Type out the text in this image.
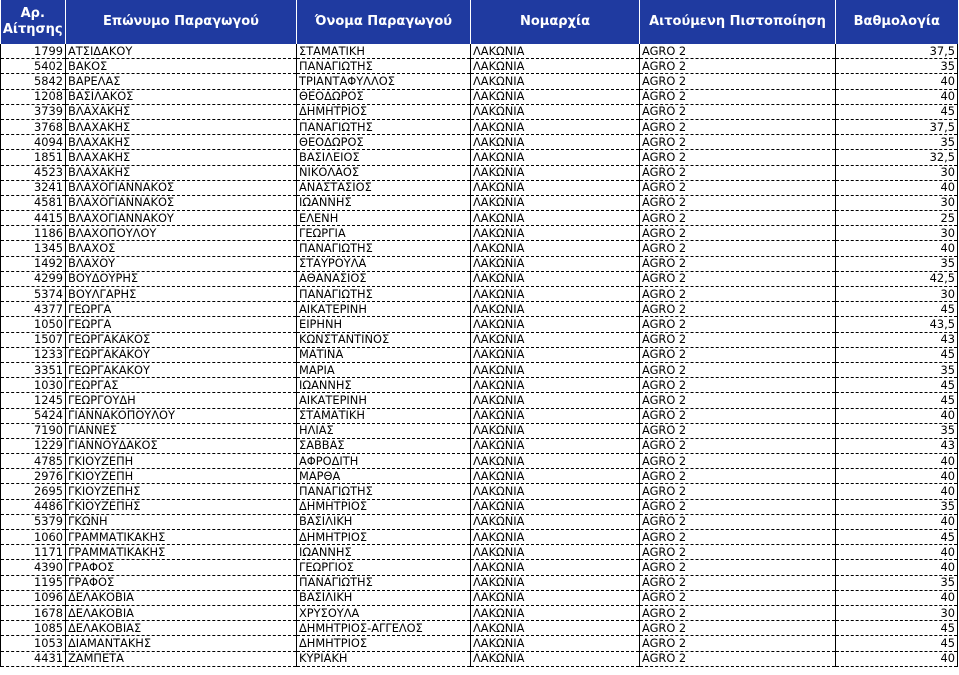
Αρ. Αίτησης	Επώνυμο Παραγωγού	Όνομα Παραγωγού	Νομαρχία	Αιτούμενη Πιστοποίηση	Βαθμολογία
1799	ΑΤΣΙΔΑΚΟΥ	ΣΤΑΜΑΤΙΚΗ	ΛΑΚΩΝΙΑ	AGRO 2	37,5
5402	ΒΑΚΟΣ	ΠΑΝΑΓΙΩΤΗΣ	ΛΑΚΩΝΙΑ	AGRO 2	35
5842	ΒΑΡΕΛΑΣ	ΤΡΙΑΝΤΑΦΥΛΛΟΣ	ΛΑΚΩΝΙΑ	AGRO 2	40
1208	ΒΑΣΙΛΑΚΟΣ	ΘΕΟΔΩΡΟΣ	ΛΑΚΩΝΙΑ	AGRO 2	40
3739	ΒΛΑΧΑΚΗΣ	ΔΗΜΗΤΡΙΟΣ	ΛΑΚΩΝΙΑ	AGRO 2	45
3768	ΒΛΑΧΑΚΗΣ	ΠΑΝΑΓΙΩΤΗΣ	ΛΑΚΩΝΙΑ	AGRO 2	37,5
4094	ΒΛΑΧΑΚΗΣ	ΘΕΟΔΩΡΟΣ	ΛΑΚΩΝΙΑ	AGRO 2	35
1851	ΒΛΑΧΑΚΗΣ	ΒΑΣΙΛΕΙΟΣ	ΛΑΚΩΝΙΑ	AGRO 2	32,5
4523	ΒΛΑΧΑΚΗΣ	ΝΙΚΟΛΑΟΣ	ΛΑΚΩΝΙΑ	AGRO 2	30
3241	ΒΛΑΧΟΓΙΑΝΝΑΚΟΣ	ΑΝΑΣΤΑΣΙΟΣ	ΛΑΚΩΝΙΑ	AGRO 2	40
4581	ΒΛΑΧΟΓΙΑΝΝΑΚΟΣ	ΙΩΑΝΝΗΣ	ΛΑΚΩΝΙΑ	AGRO 2	30
4415	ΒΛΑΧΟΓΙΑΝΝΑΚΟΥ	ΕΛΕΝΗ	ΛΑΚΩΝΙΑ	AGRO 2	25
1186	ΒΛΑΧΟΠΟΥΛΟΥ	ΓΕΩΡΓΙΑ	ΛΑΚΩΝΙΑ	AGRO 2	30
1345	ΒΛΑΧΟΣ	ΠΑΝΑΓΙΩΤΗΣ	ΛΑΚΩΝΙΑ	AGRO 2	40
1492	ΒΛΑΧΟΥ	ΣΤΑΥΡΟΥΛΑ	ΛΑΚΩΝΙΑ	AGRO 2	35
4299	ΒΟΥΔΟΥΡΗΣ	ΑΘΑΝΑΣΙΟΣ	ΛΑΚΩΝΙΑ	AGRO 2	42,5
5374	ΒΟΥΛΓΑΡΗΣ	ΠΑΝΑΓΙΩΤΗΣ	ΛΑΚΩΝΙΑ	AGRO 2	30
4377	ΓΕΩΡΓΑ	ΑΙΚΑΤΕΡΙΝΗ	ΛΑΚΩΝΙΑ	AGRO 2	45
1050	ΓΕΩΡΓΑ	ΕΙΡΗΝΗ	ΛΑΚΩΝΙΑ	AGRO 2	43,5
1507	ΓΕΩΡΓΑΚΑΚΟΣ	ΚΩΝΣΤΑΝΤΙΝΟΣ	ΛΑΚΩΝΙΑ	AGRO 2	43
1233	ΓΕΩΡΓΑΚΑΚΟΥ	ΜΑΤΙΝΑ	ΛΑΚΩΝΙΑ	AGRO 2	45
3351	ΓΕΩΡΓΑΚΑΚΟΥ	ΜΑΡΙΑ	ΛΑΚΩΝΙΑ	AGRO 2	35
1030	ΓΕΩΡΓΑΣ	ΙΩΑΝΝΗΣ	ΛΑΚΩΝΙΑ	AGRO 2	45
1245	ΓΕΩΡΓΟΥΔΗ	ΑΙΚΑΤΕΡΙΝΗ	ΛΑΚΩΝΙΑ	AGRO 2	45
5424	ΓΙΑΝΝΑΚΟΠΟΥΛΟΥ	ΣΤΑΜΑΤΙΚΗ	ΛΑΚΩΝΙΑ	AGRO 2	40
7190	ΓΙΑΝΝΕΣ	ΗΛΙΑΣ	ΛΑΚΩΝΙΑ	AGRO 2	35
1229	ΓΙΑΝΝΟΥΔΑΚΟΣ	ΣΑΒΒΑΣ	ΛΑΚΩΝΙΑ	AGRO 2	43
4785	ΓΚΙΟΥΖΕΠΗ	ΑΦΡΟΔΙΤΗ	ΛΑΚΩΝΙΑ	AGRO 2	40
2976	ΓΚΙΟΥΖΕΠΗ	ΜΑΡΘΑ	ΛΑΚΩΝΙΑ	AGRO 2	40
2695	ΓΚΙΟΥΖΕΠΗΣ	ΠΑΝΑΓΙΩΤΗΣ	ΛΑΚΩΝΙΑ	AGRO 2	40
4486	ΓΚΙΟΥΖΕΠΗΣ	ΔΗΜΗΤΡΙΟΣ	ΛΑΚΩΝΙΑ	AGRO 2	35
5379	ΓΚΩΝΗ	ΒΑΣΙΛΙΚΗ	ΛΑΚΩΝΙΑ	AGRO 2	40
1060	ΓΡΑΜΜΑΤΙΚΑΚΗΣ	ΔΗΜΗΤΡΙΟΣ	ΛΑΚΩΝΙΑ	AGRO 2	45
1171	ΓΡΑΜΜΑΤΙΚΑΚΗΣ	ΙΩΑΝΝΗΣ	ΛΑΚΩΝΙΑ	AGRO 2	40
4390	ΓΡΑΦΟΣ	ΓΕΩΡΓΙΟΣ	ΛΑΚΩΝΙΑ	AGRO 2	40
1195	ΓΡΑΦΟΣ	ΠΑΝΑΓΙΩΤΗΣ	ΛΑΚΩΝΙΑ	AGRO 2	35
1096	ΔΕΛΑΚΟΒΙΑ	ΒΑΣΙΛΙΚΗ	ΛΑΚΩΝΙΑ	AGRO 2	40
1678	ΔΕΛΑΚΟΒΙΑ	ΧΡΥΣΟΥΛΑ	ΛΑΚΩΝΙΑ	AGRO 2	30
1085	ΔΕΛΑΚΟΒΙΑΣ	ΔΗΜΗΤΡΙΟΣ-ΑΓΓΕΛΟΣ	ΛΑΚΩΝΙΑ	AGRO 2	45
1053	ΔΙΑΜΑΝΤΑΚΗΣ	ΔΗΜΗΤΡΙΟΣ	ΛΑΚΩΝΙΑ	AGRO 2	45
4431	ΖΑΜΠΕΤΑ	ΚΥΡΙΑΚΗ	ΛΑΚΩΝΙΑ	AGRO 2	40
